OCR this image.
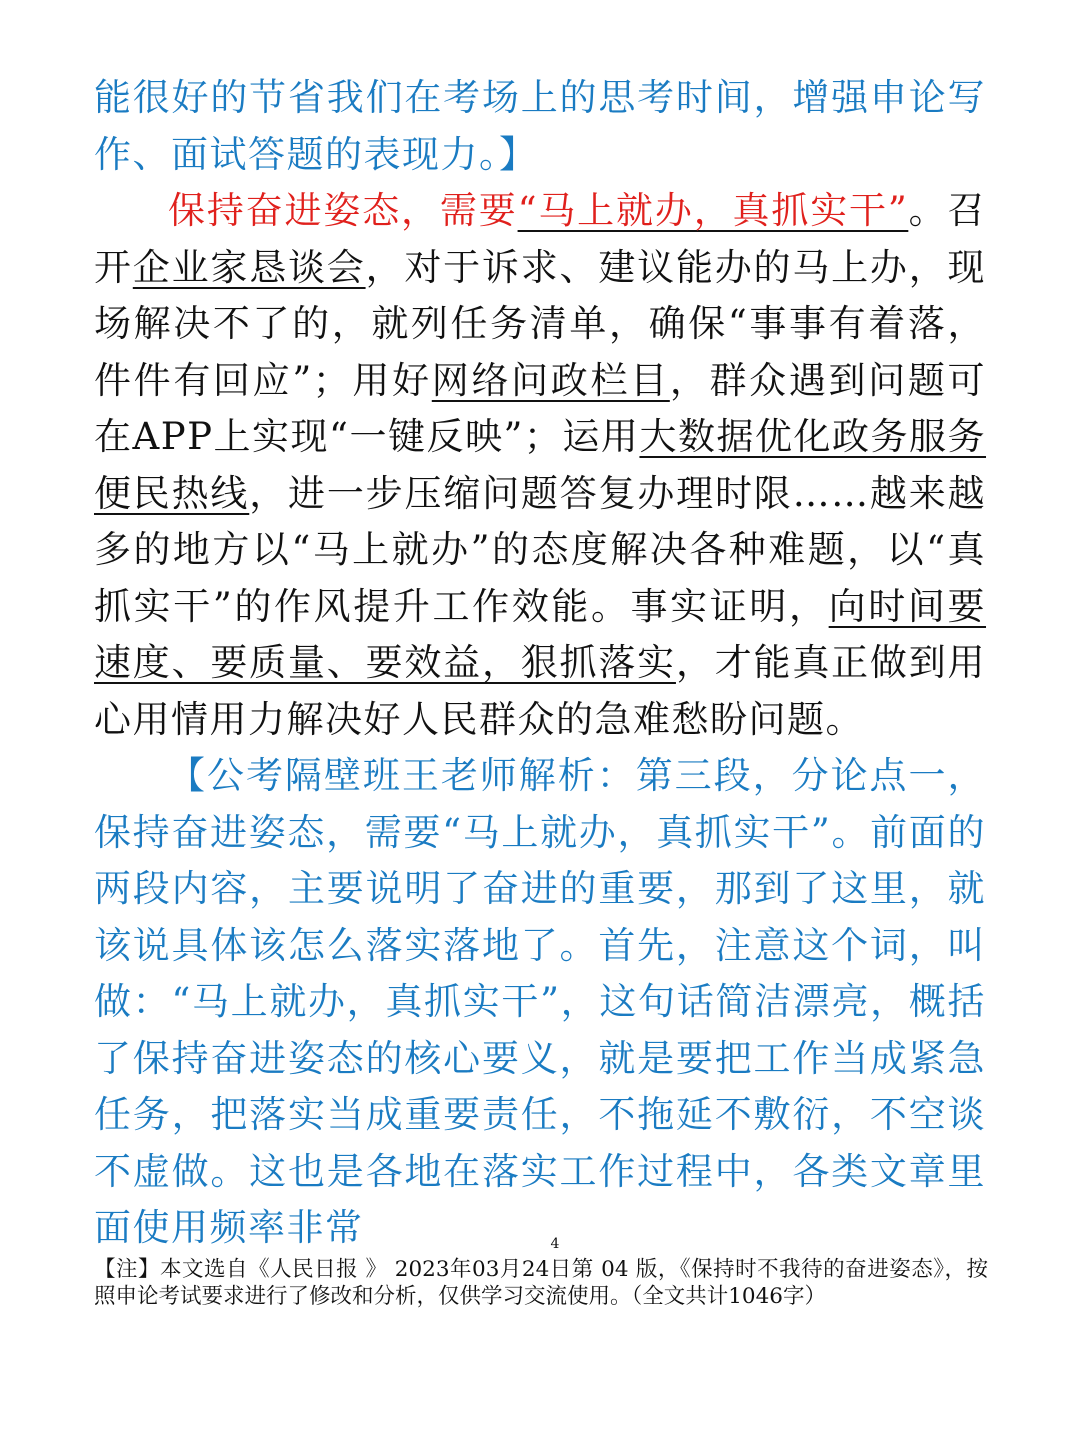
能很好的节省我们在考场上的思考时间，增强申论写作、面试答题的表现力。】

保持奋进姿态，需要“马上就办，真抓实干”。召开企业家恳谈会，对于诉求、建议能办的马上办，现场解决不了的，就列任务清单，确保“事事有着落，件件有回应”；用好网络问政栏目，群众遇到问题可在APP上实现“一键反映”；运用大数据优化政务服务便民热线，进一步压缩问题答复办理时限……越来越多的地方以“马上就办”的态度解决各种难题，以“真抓实干”的作风提升工作效能。事实证明，向时间要速度、要质量、要效益，狠抓落实，才能真正做到用心用情用力解决好人民群众的急难愁盼问题。

【公考隔壁班王老师解析：第三段，分论点一，保持奋进姿态，需要“马上就办，真抓实干”。前面的两段内容，主要说明了奋进的重要，那到了这里，就该说具体该怎么落实落地了。首先，注意这个词，叫做：“马上就办，真抓实干”，这句话简洁漂亮，概括了保持奋进姿态的核心要义，就是要把工作当成紧急任务，把落实当成重要责任，不拖延不敷衍，不空谈不虚做。这也是各地在落实工作过程中，各类文章里面使用频率非常	4
【注】本文选自《人民日报 》 2023年03月24日第 04 版，《保持时不我待的奋进姿态》，按照申论考试要求进行了修改和分析，仅供学习交流使用。（全文共计1046字）
